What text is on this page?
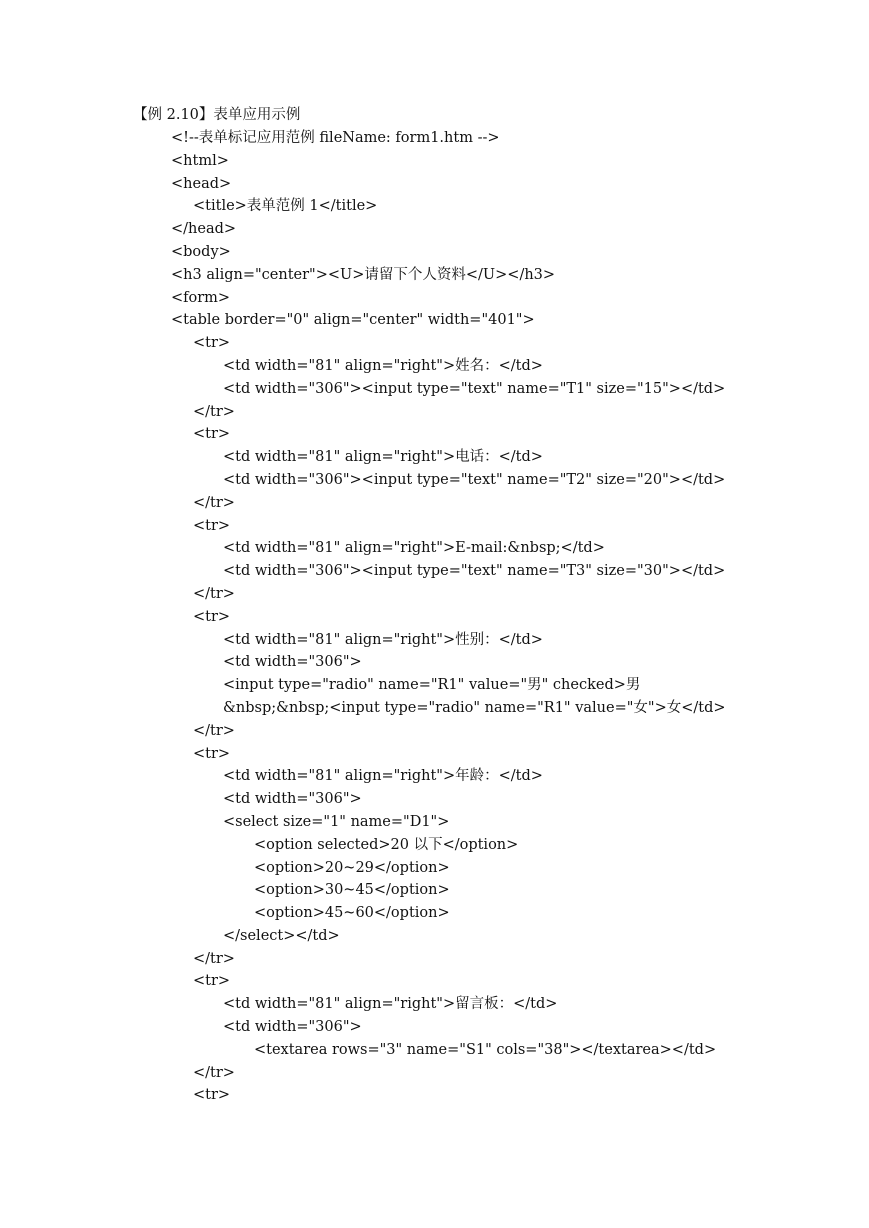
【例 2.10】表单应用示例
<!--表单标记应用范例 fileName: form1.htm -->
<html>
<head>
<title>表单范例 1</title>
</head>
<body>
<h3 align="center"><U>请留下个人资料</U></h3>
<form>
<table border="0" align="center" width="401">
<tr>
<td width="81" align="right">姓名：</td>
<td width="306"><input type="text" name="T1" size="15"></td>
</tr>
<tr>
<td width="81" align="right">电话：</td>
<td width="306"><input type="text" name="T2" size="20"></td>
</tr>
<tr>
<td width="81" align="right">E-mail:&nbsp;</td>
<td width="306"><input type="text" name="T3" size="30"></td>
</tr>
<tr>
<td width="81" align="right">性别：</td>
<td width="306">
<input type="radio" name="R1" value="男" checked>男
&nbsp;&nbsp;<input type="radio" name="R1" value="女">女</td>
</tr>
<tr>
<td width="81" align="right">年龄：</td>
<td width="306">
<select size="1" name="D1">
<option selected>20 以下</option>
<option>20~29</option>
<option>30~45</option>
<option>45~60</option>
</select></td>
</tr>
<tr>
<td width="81" align="right">留言板：</td>
<td width="306">
<textarea rows="3" name="S1" cols="38"></textarea></td>
</tr>
<tr>
